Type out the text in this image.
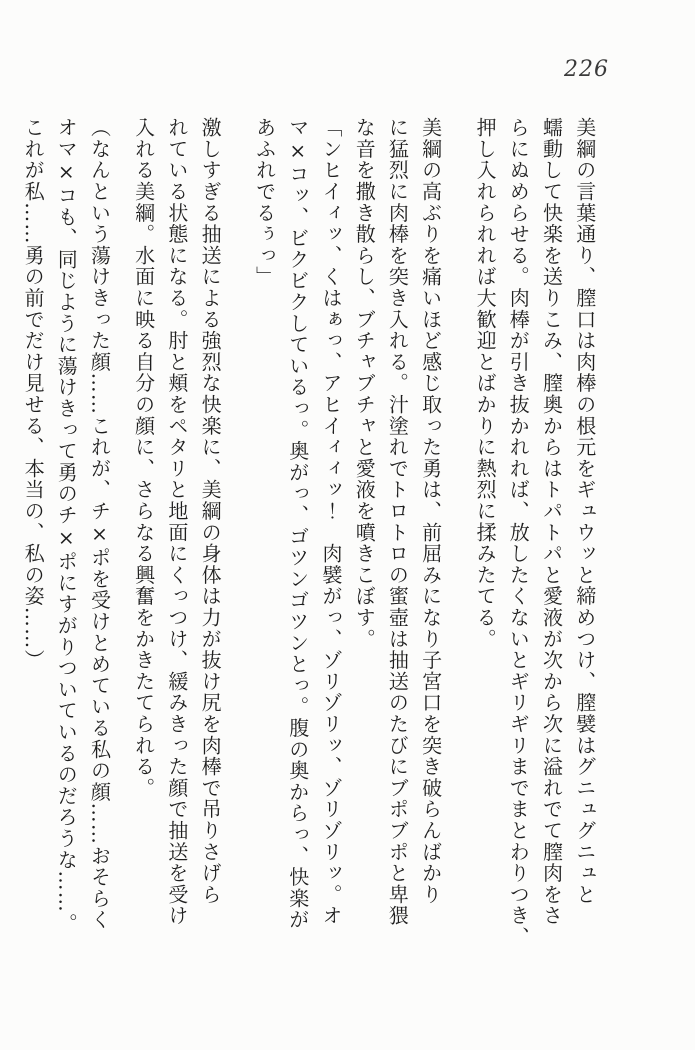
226

美綱の言葉通り、膣口は肉棒の根元をギュウッと締めつけ、膣襞はグニュグニュと

蠕動して快楽を送りこみ、膣奥からはトパトパと愛液が次から次に溢れでて膣肉をさ

らにぬめらせる。肉棒が引き抜かれれば、放したくないとギリギリまでまとわりつき、

押し入れられれば大歓迎とばかりに熱烈に揉みたてる。

美綱の高ぶりを痛いほど感じ取った勇は、前屈みになり子宮口を突き破らんばかり

に猛烈に肉棒を突き入れる。汁塗れでトロトロの蜜壺は抽送のたびにブポブポと卑猥

な音を撒き散らし、ブチャブチャと愛液を噴きこぼす。

「ンヒイィッ、くはぁっ、アヒイィィッ！　肉襞がっ、ゾリゾリッ、ゾリゾリッ。オ

マ×コッ、ビクビクしているっ。奥がっ、ゴツンゴツンとっ。腹の奥からっ、快楽が

あふれでるぅっ」

激しすぎる抽送による強烈な快楽に、美綱の身体は力が抜け尻を肉棒で吊りさげら

れている状態になる。肘と頬をペタリと地面にくっつけ、緩みきった顔で抽送を受け

入れる美綱。水面に映る自分の顔に、さらなる興奮をかきたてられる。

（なんという蕩けきった顔……これが、チ×ポを受けとめている私の顔……おそらく

オマ×コも、同じように蕩けきって勇のチ×ポにすがりついているのだろうな……。

これが私……勇の前でだけ見せる、本当の、私の姿……）
